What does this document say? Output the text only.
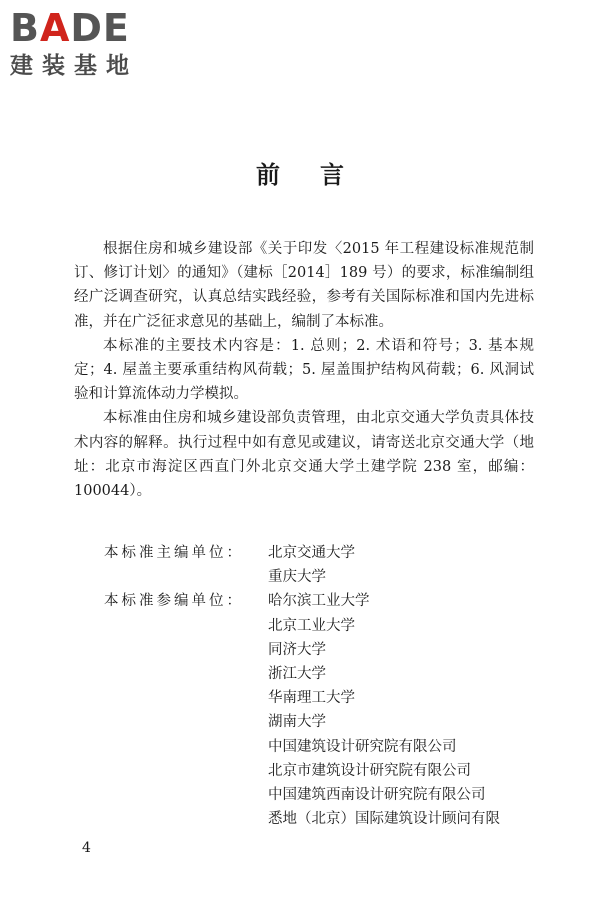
BADE
建装基地
前言

根据住房和城乡建设部《关于印发〈2015 年工程建设标准规范制订、修订计划〉的通知》（建标［2014］189 号）的要求，标准编制组经广泛调查研究，认真总结实践经验，参考有关国际标准和国内先进标准，并在广泛征求意见的基础上，编制了本标准。

本标准的主要技术内容是：1. 总则；2. 术语和符号；3. 基本规定；4. 屋盖主要承重结构风荷载；5. 屋盖围护结构风荷载；6. 风洞试验和计算流体动力学模拟。

本标准由住房和城乡建设部负责管理，由北京交通大学负责具体技术内容的解释。执行过程中如有意见或建议，请寄送北京交通大学（地址：北京市海淀区西直门外北京交通大学土建学院 238 室，邮编：100044）。

本标准主编单位： 北京交通大学
重庆大学
本标准参编单位： 哈尔滨工业大学
北京工业大学
同济大学
浙江大学
华南理工大学
湖南大学
中国建筑设计研究院有限公司
北京市建筑设计研究院有限公司
中国建筑西南设计研究院有限公司
悉地（北京）国际建筑设计顾问有限
4
